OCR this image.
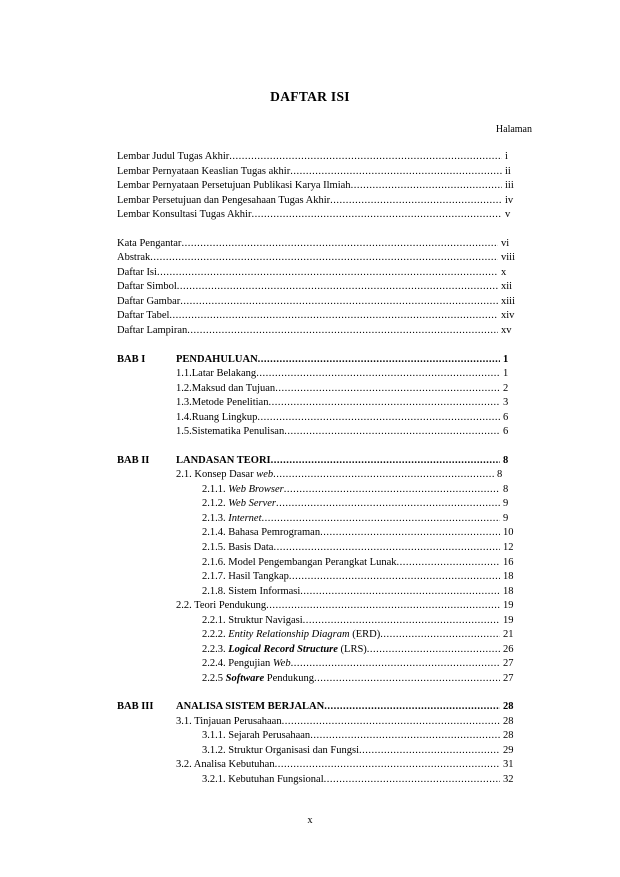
DAFTAR ISI
Halaman
Lembar Judul Tugas Akhir .....	i
Lembar Pernyataan Keaslian Tugas akhir .....	ii
Lembar Pernyataan Persetujuan Publikasi Karya Ilmiah .....	iii
Lembar Persetujuan dan Pengesahaan Tugas Akhir .....	iv
Lembar Konsultasi Tugas Akhir .....	v
Kata Pengantar .....	vi
Abstrak .....	viii
Daftar Isi .....	x
Daftar Simbol .....	xii
Daftar Gambar .....	xiii
Daftar Tabel .....	xiv
Daftar Lampiran .....	xv
BAB I	PENDAHULUAN .....	1
1.1.Latar Belakang .....	1
1.2.Maksud dan Tujuan .....	2
1.3.Metode Penelitian .....	3
1.4.Ruang Lingkup .....	6
1.5.Sistematika Penulisan .....	6
BAB II	LANDASAN TEORI .....	8
2.1. Konsep Dasar web .....	8
2.1.1. Web Browser .....	8
2.1.2. Web Server .....	9
2.1.3. Internet .....	9
2.1.4. Bahasa Pemrograman .....	10
2.1.5. Basis Data .....	12
2.1.6. Model Pengembangan Perangkat Lunak .....	16
2.1.7. Hasil Tangkap .....	18
2.1.8. Sistem Informasi .....	18
2.2. Teori Pendukung .....	19
2.2.1. Struktur Navigasi .....	19
2.2.2. Entity Relationship Diagram (ERD) .....	21
2.2.3. Logical Record Structure (LRS) .....	26
2.2.4. Pengujian Web .....	27
2.2.5 Software Pendukung .....	27
BAB III ANALISA SISTEM BERJALAN .....	28
3.1. Tinjauan Perusahaan .....	28
3.1.1. Sejarah Perusahaan .....	28
3.1.2. Struktur Organisasi dan Fungsi .....	29
3.2. Analisa Kebutuhan .....	31
3.2.1. Kebutuhan Fungsional .....	32
x
